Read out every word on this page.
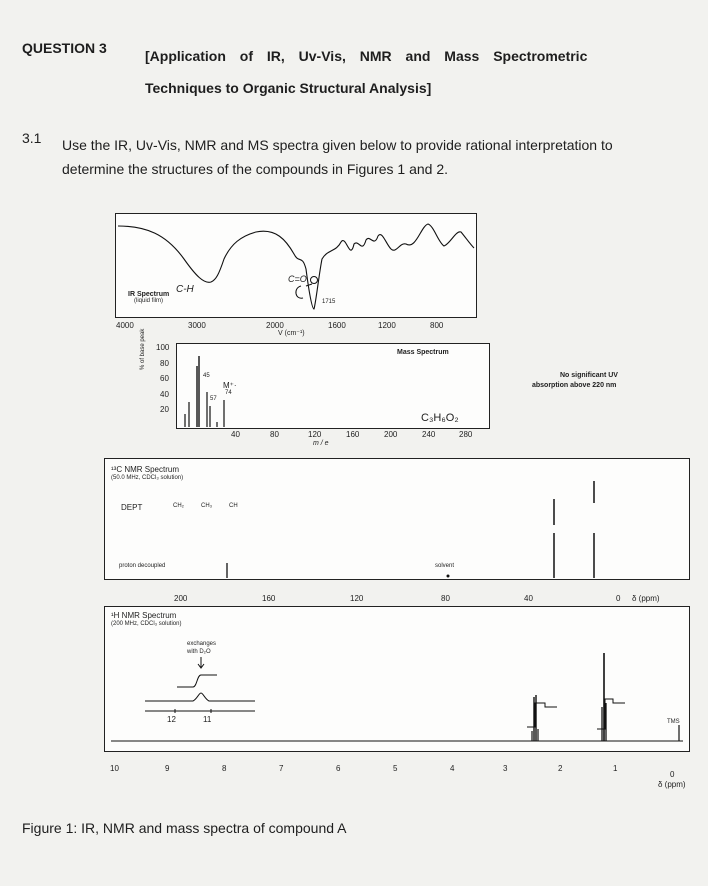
QUESTION 3	[Application of IR, Uv-Vis, NMR and Mass Spectrometric
Techniques to Organic Structural Analysis]
3.1 Use the IR, Uv-Vis, NMR and MS spectra given below to provide rational interpretation to determine the structures of the compounds in Figures 1 and 2.
IR Spectrum
(liquid film)
C-H
C=O
1715
4000	3000	2000	1600	1200	800
V (cm⁻¹)
Mass Spectrum
45
57
M⁺·
74
C₃H₆O₂
% of base peak 100
80
60
40
20
40	80	120	160	200	240	280
m / e
No significant UV
absorption above 220 nm
¹³C NMR Spectrum
(50.0 MHz, CDCl₃ solution)
DEPT	CH₂	CH₃	CH
proton decoupled	solvent
200	160	120	80	40	0 δ (ppm)
¹H NMR Spectrum
(200 MHz, CDCl₃ solution)
exchanges
with D₂O
12	11	TMS
10	9	8	7	6	5	4	3	2	1
0
δ (ppm)
Figure 1: IR, NMR and mass spectra of compound A
